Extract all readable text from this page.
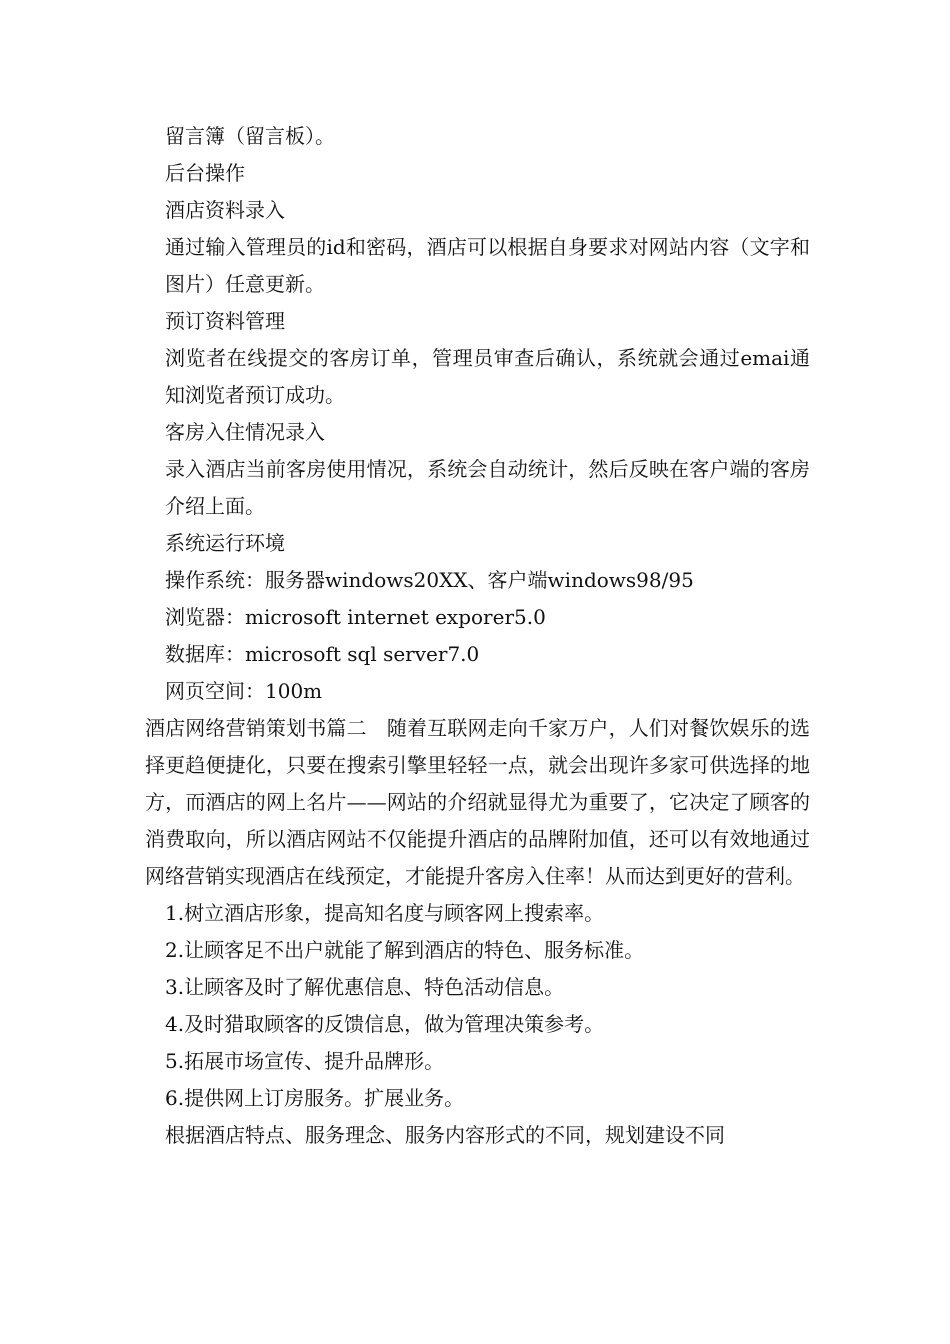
留言簿（留言板）。

后台操作

酒店资料录入

通过输入管理员的id和密码，酒店可以根据自身要求对网站内容（文字和图片）任意更新。

预订资料管理

浏览者在线提交的客房订单，管理员审查后确认，系统就会通过emai通知浏览者预订成功。

客房入住情况录入

录入酒店当前客房使用情况，系统会自动统计，然后反映在客户端的客房介绍上面。

系统运行环境

操作系统：服务器windows20XX、客户端windows98/95

浏览器：microsoft internet exporer5.0

数据库：microsoft sql server7.0

网页空间：100m

酒店网络营销策划书篇二　随着互联网走向千家万户，人们对餐饮娱乐的选择更趋便捷化，只要在搜索引擎里轻轻一点，就会出现许多家可供选择的地方，而酒店的网上名片——网站的介绍就显得尤为重要了，它决定了顾客的消费取向，所以酒店网站不仅能提升酒店的品牌附加值，还可以有效地通过网络营销实现酒店在线预定，才能提升客房入住率！从而达到更好的营利。

1.树立酒店形象，提高知名度与顾客网上搜索率。

2.让顾客足不出户就能了解到酒店的特色、服务标准。

3.让顾客及时了解优惠信息、特色活动信息。

4.及时猎取顾客的反馈信息，做为管理决策参考。

5.拓展市场宣传、提升品牌形。

6.提供网上订房服务。扩展业务。

根据酒店特点、服务理念、服务内容形式的不同，规划建设不同
